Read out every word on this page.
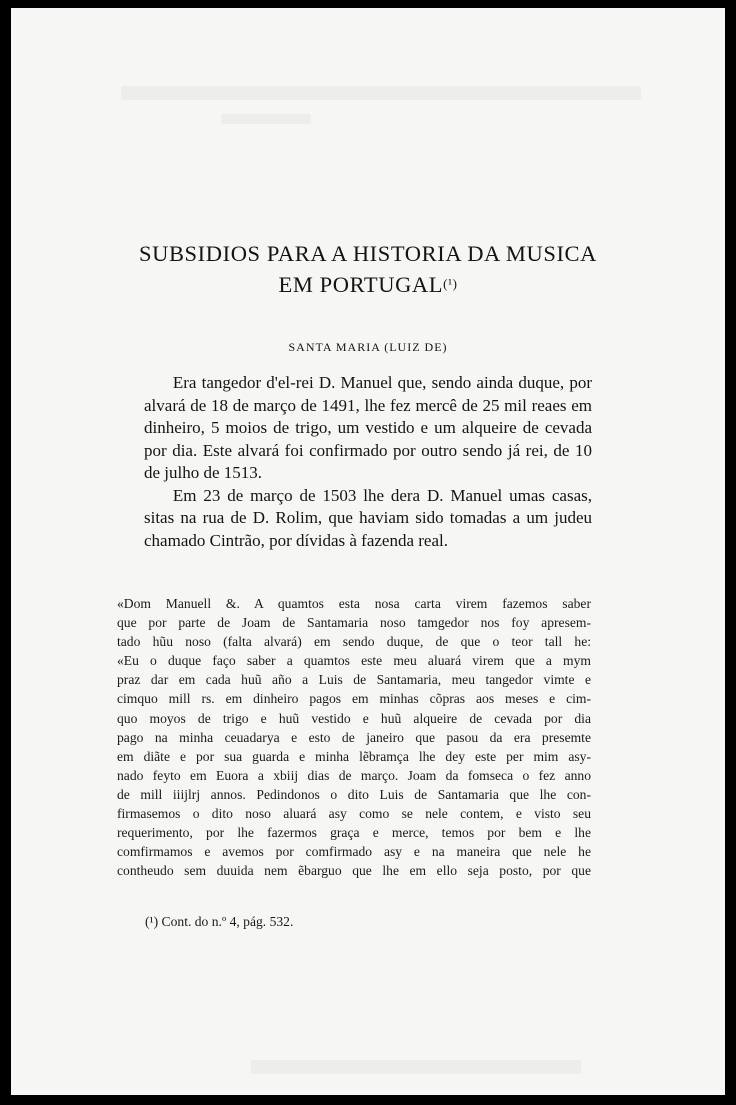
SUBSIDIOS PARA A HISTORIA DA MUSICA
EM PORTUGAL(¹)
SANTA MARIA (LUIZ DE)

Era tangedor d'el-rei D. Manuel que, sendo ainda duque, por alvará de 18 de março de 1491, lhe fez mercê de 25 mil reaes em dinheiro, 5 moios de trigo, um vestido e um alqueire de cevada por dia. Este alvará foi confirmado por outro sendo já rei, de 10 de julho de 1513.

Em 23 de março de 1503 lhe dera D. Manuel umas casas, sitas na rua de D. Rolim, que haviam sido tomadas a um judeu chamado Cintrão, por dívidas à fazenda real.

«Dom Manuell &. A quamtos esta nosa carta virem fazemos saber
que por parte de Joam de Santamaria noso tamgedor nos foy apresem-
tado hũu noso (falta alvará) em sendo duque, de que o teor tall he:
«Eu o duque faço saber a quamtos este meu aluará virem que a mym
praz dar em cada huũ año a Luis de Santamaria, meu tangedor vimte e
cimquo mill rs. em dinheiro pagos em minhas cõpras aos meses e cim-
quo moyos de trigo e huũ vestido e huũ alqueire de cevada por dia
pago na minha ceuadarya e esto de janeiro que pasou da era presemte
em diãte e por sua guarda e minha lẽbramça lhe dey este per mim asy-
nado feyto em Euora a xbiij dias de março. Joam da fomseca o fez anno
de mill iiijlrj annos. Pedindonos o dito Luis de Santamaria que lhe con-
firmasemos o dito noso aluará asy como se nele contem, e visto seu
requerimento, por lhe fazermos graça e merce, temos por bem e lhe
comfirmamos e avemos por comfirmado asy e na maneira que nele he
contheudo sem duuida nem ẽbarguo que lhe em ello seja posto, por que
(¹) Cont. do n.º 4, pág. 532.
